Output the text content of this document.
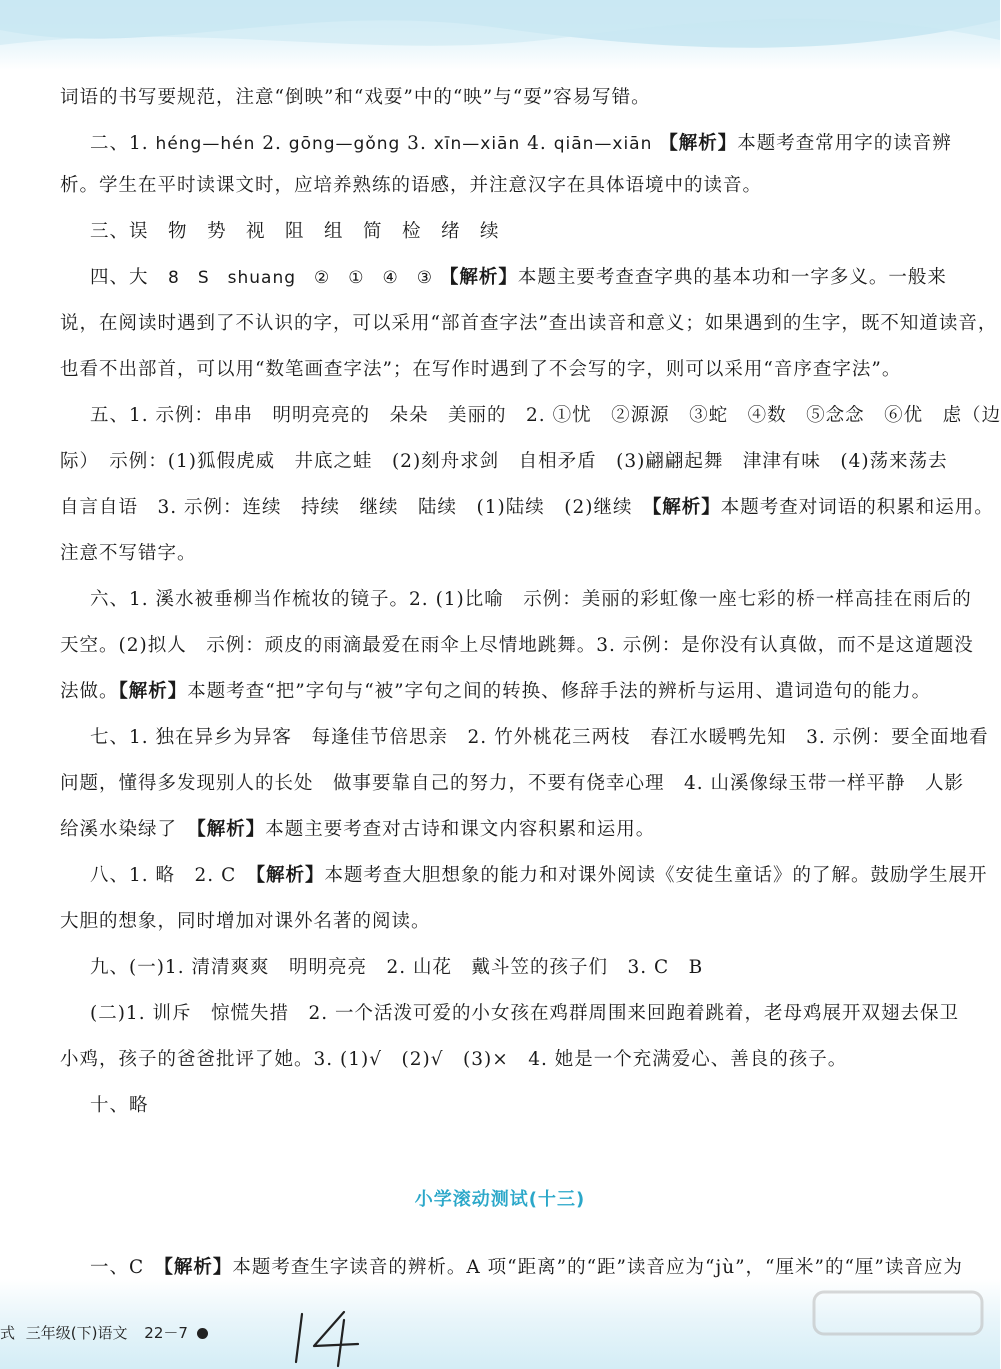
词语的书写要规范，注意“倒映”和“戏耍”中的“映”与“耍”容易写错。
二、1. héng—hén 2. gōng—gǒng 3. xīn—xiān 4. qiān—xiān 【解析】本题考查常用字的读音辨
析。学生在平时读课文时，应培养熟练的语感，并注意汉字在具体语境中的读音。
三、误　物　势　视　阻　组　简　检　绪　续
四、大　8　S　shuang　②　①　④　③ 【解析】本题主要考查查字典的基本功和一字多义。一般来
说，在阅读时遇到了不认识的字，可以采用“部首查字法”查出读音和意义；如果遇到的生字，既不知道读音，
也看不出部首，可以用“数笔画查字法”；在写作时遇到了不会写的字，则可以采用“音序查字法”。
五、1. 示例：串串　明明亮亮的　朵朵　美丽的　2. ①忧　②源源　③蛇　④数　⑤念念　⑥优　虑（边
际）　示例：(1)狐假虎威　井底之蛙　(2)刻舟求剑　自相矛盾　(3)翩翩起舞　津津有味　(4)荡来荡去
自言自语　3. 示例：连续　持续　继续　陆续　(1)陆续　(2)继续　【解析】本题考查对词语的积累和运用。
注意不写错字。
六、1. 溪水被垂柳当作梳妆的镜子。2. (1)比喻　示例：美丽的彩虹像一座七彩的桥一样高挂在雨后的
天空。(2)拟人　示例：顽皮的雨滴最爱在雨伞上尽情地跳舞。3. 示例：是你没有认真做，而不是这道题没
法做。【解析】本题考查“把”字句与“被”字句之间的转换、修辞手法的辨析与运用、遣词造句的能力。
七、1. 独在异乡为异客　每逢佳节倍思亲　2. 竹外桃花三两枝　春江水暖鸭先知　3. 示例：要全面地看
问题，懂得多发现别人的长处　做事要靠自己的努力，不要有侥幸心理　4. 山溪像绿玉带一样平静　人影
给溪水染绿了　【解析】本题主要考查对古诗和课文内容积累和运用。
八、1. 略　2. C　【解析】本题考查大胆想象的能力和对课外阅读《安徒生童话》的了解。鼓励学生展开
大胆的想象，同时增加对课外名著的阅读。
九、(一)1. 清清爽爽　明明亮亮　2. 山花　戴斗笠的孩子们　3. C　B
(二)1. 训斥　惊慌失措　2. 一个活泼可爱的小女孩在鸡群周围来回跑着跳着，老母鸡展开双翅去保卫
小鸡，孩子的爸爸批评了她。3. (1)√　(2)√　(3)×　4. 她是一个充满爱心、善良的孩子。
十、略
小学滚动测试(十三)
一、C　【解析】本题考查生字读音的辨析。A 项“距离”的“距”读音应为“jù”，“厘米”的“厘”读音应为
式 三年级(下)语文 22－7
